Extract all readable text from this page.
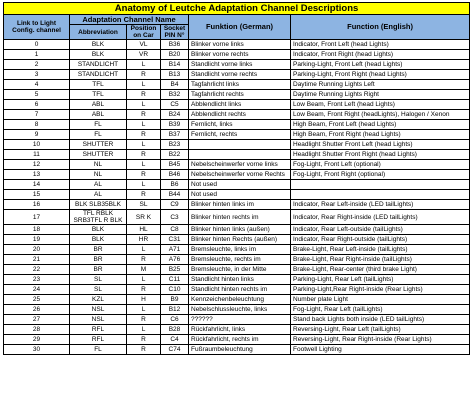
Anatomy of Leutche Adaptation Channel Descriptions					
Link to Light Config. channel	Adaptation Channel Name			Funktion (German)	Function (English)
	Abbreviation	Position on Car	Socket PIN N°		
0	BLK	VL	B36	Blinker vorne links	Indicator, Front Left (head Lights)
1	BLK	VR	B20	Blinker vorne rechts	Indicator, Front Right (head Lights)
2	STANDLICHT	L	B14	Standlicht vorne links	Parking-Light, Front Left (head Lights)
3	STANDLICHT	R	B13	Standlicht vorne rechts	Parking-Light, Front Right (head Lights)
4	TFL	L	B4	Tagfahrlicht links	Daytime Running Lights Left
5	TFL	R	B32	Tagfahrlicht rechts	Daytime Running Lights Right
6	ABL	L	C5	Abblendlicht links	Low Beam, Front Left (head Lights)
7	ABL	R	B24	Abblendlicht rechts	Low Beam, Front Right (headLights), Halogen / Xenon
8	FL	L	B39	Fernlicht, links	High Beam, Front Left (head Lights)
9	FL	R	B37	Fernlicht, rechts	High Beam, Front Right (head Lights)
10	SHUTTER	L	B23		Headlight Shutter Front Left (head Lights)
11	SHUTTER	R	B22		Headlight Shutter Front Right (head Lights)
12	NL	L	B45	Nebelscheinwerfer vorne links	Fog-Light, Front Left (optional)
13	NL	R	B46	Nebelscheinwerfer vorne Rechts	Fog-Light, Front Right (optional)
14	AL	L	B6	Not used	
15	AL	R	B44	Not used	
16	BLK SLB35BLK	SL	C9	Blinker hinten links im	Indicator, Rear Left-inside (LED tailLights)
17	TFL RBLK SRB3TFL R BLK	SR K	C3	Blinker hinten rechts im	Indicator, Rear Right-inside (LED tailLights)
18	BLK	HL	C8	Blinker hinten links (außen)	Indicator, Rear Left-outside (tailLights)
19	BLK	HR	C31	Blinker hinten Rechts (außen)	Indicator, Rear Right-outside (tailLights)
20	BR	L	A71	Bremsleuchte, links im	Brake-Light, Rear Left-inside (tailLights)
21	BR	R	A76	Bremsleuchte, rechts im	Brake-Light, Rear Right-inside (tailLights)
22	BR	M	B25	Bremsleuchte, in der Mitte	Brake-Light, Rear-center (third brake Light)
23	SL	L	C11	Standlicht hinten links	Parking-Light, Rear Left (tailLights)
24	SL	R	C10	Standlicht hinten rechts im	Parking-Light,Rear Right-inside (Rear Lights)
25	KZL	H	B9	Kennzeichenbeleuchtung	Number plate Light
26	NSL	L	B12	Nebelschlussleuchte, links	Fog-Light, Rear Left (tailLights)
27	NSL	R	C6	??????	Stand back Lights both inside (LED tailLights)
28	RFL	L	B28	Rückfahrlicht, links	Reversing-Light, Rear Left (tailLights)
29	RFL	R	C4	Rückfahrlicht, rechts im	Reversing-Light, Rear Right-inside (Rear Lights)
30	FL	R	C74	Fußraumbeleuchtung	Footwell Lighting
